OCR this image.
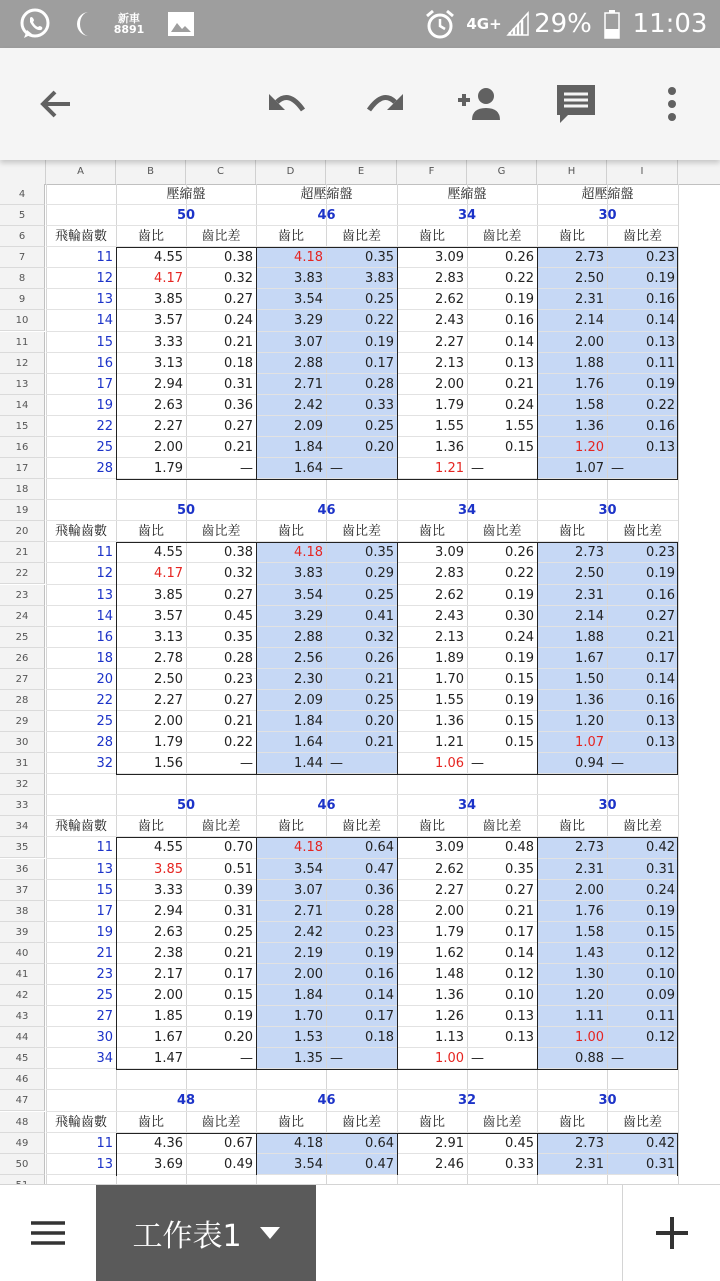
新車
8891	4G+ 29% 11:03
A	B	C	D	E	F	G	H	I
4
5
6
7
8
9
10
11
12
13
14
15
16
17
18
19
20
21
22
23
24
25
26
27
28
29
30
31
32
33
34
35
36
37
38
39
40
41
42
43
44
45
46
47
48
49
50
壓縮盤	超壓縮盤	壓縮盤	超壓縮盤
50	46	34	30
飛輪齒數	齒比	齒比差	齒比	齒比差	齒比	齒比差	齒比	齒比差
11	4.55	0.38	4.18	0.35	3.09	0.26	2.73	0.23
12	4.17	0.32	3.83	3.83	2.83	0.22	2.50	0.19
13	3.85	0.27	3.54	0.25	2.62	0.19	2.31	0.16
14	3.57	0.24	3.29	0.22	2.43	0.16	2.14	0.14
15	3.33	0.21	3.07	0.19	2.27	0.14	2.00	0.13
16	3.13	0.18	2.88	0.17	2.13	0.13	1.88	0.11
17	2.94	0.31	2.71	0.28	2.00	0.21	1.76	0.19
19	2.63	0.36	2.42	0.33	1.79	0.24	1.58	0.22
22	2.27	0.27	2.09	0.25	1.55	1.55	1.36	0.16
25	2.00	0.21	1.84	0.20	1.36	0.15	1.20	0.13
28	1.79	—	1.64 —	1.21 —	1.07 —
50	46	34	30
飛輪齒數	齒比	齒比差	齒比	齒比差	齒比	齒比差	齒比	齒比差
11	4.55	0.38	4.18	0.35	3.09	0.26	2.73	0.23
12	4.17	0.32	3.83	0.29	2.83	0.22	2.50	0.19
13	3.85	0.27	3.54	0.25	2.62	0.19	2.31	0.16
14	3.57	0.45	3.29	0.41	2.43	0.30	2.14	0.27
16	3.13	0.35	2.88	0.32	2.13	0.24	1.88	0.21
18	2.78	0.28	2.56	0.26	1.89	0.19	1.67	0.17
20	2.50	0.23	2.30	0.21	1.70	0.15	1.50	0.14
22	2.27	0.27	2.09	0.25	1.55	0.19	1.36	0.16
25	2.00	0.21	1.84	0.20	1.36	0.15	1.20	0.13
28	1.79	0.22	1.64	0.21	1.21	0.15	1.07	0.13
32	1.56	—	1.44 —	1.06 —	0.94 —
50	46	34	30
飛輪齒數	齒比	齒比差	齒比	齒比差	齒比	齒比差	齒比	齒比差
11	4.55	0.70	4.18	0.64	3.09	0.48	2.73	0.42
13	3.85	0.51	3.54	0.47	2.62	0.35	2.31	0.31
15	3.33	0.39	3.07	0.36	2.27	0.27	2.00	0.24
17	2.94	0.31	2.71	0.28	2.00	0.21	1.76	0.19
19	2.63	0.25	2.42	0.23	1.79	0.17	1.58	0.15
21	2.38	0.21	2.19	0.19	1.62	0.14	1.43	0.12
23	2.17	0.17	2.00	0.16	1.48	0.12	1.30	0.10
25	2.00	0.15	1.84	0.14	1.36	0.10	1.20	0.09
27	1.85	0.19	1.70	0.17	1.26	0.13	1.11	0.11
30	1.67	0.20	1.53	0.18	1.13	0.13	1.00	0.12
34	1.47	—	1.35 —	1.00 —	0.88 —
48	46	32	30
飛輪齒數	齒比	齒比差	齒比	齒比差	齒比	齒比差	齒比	齒比差
11	4.36	0.67	4.18	0.64	2.91	0.45	2.73	0.42
13	3.69	0.49	3.54	0.47	2.46	0.33	2.31	0.31
工作表1
